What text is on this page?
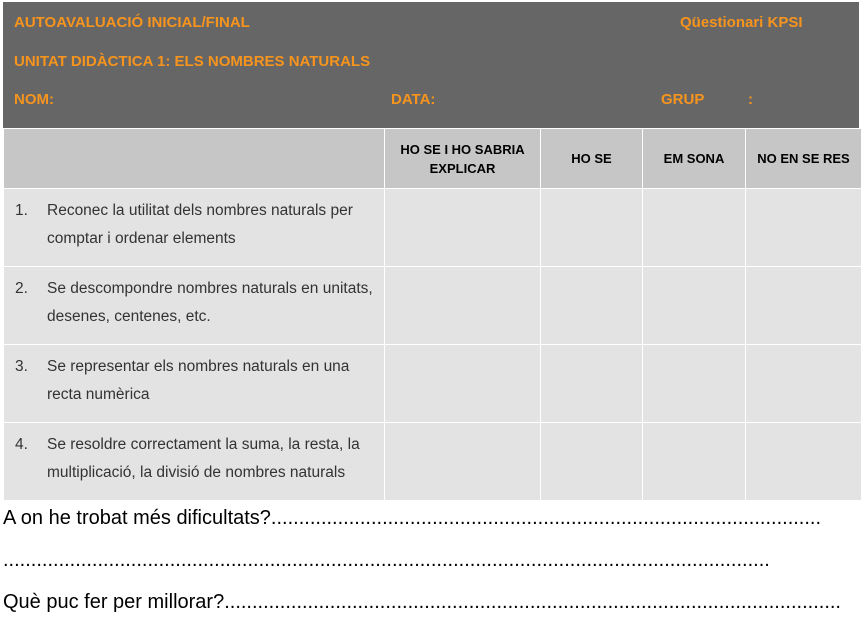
AUTOAVALUACIÓ INICIAL/FINAL	Qüestionari KPSI
UNITAT DIDÀCTICA 1: ELS NOMBRES NATURALS
NOM:	DATA:	GRUP	:
	HO SE I HO SABRIA EXPLICAR	HO SE	EM SONA	NO EN SE RES

1. Reconec la utilitat dels nombres naturals per comptar i ordenar elements				

2. Se descompondre nombres naturals en unitats, desenes, centenes, etc.				

3. Se representar els nombres naturals en una recta numèrica				

4. Se resoldre correctament la suma, la resta, la multiplicació, la divisió de nombres naturals				

A on he trobat més dificultats?...................................................................................................
..........................................................................................................................................
Què puc fer per millorar?...............................................................................................................
